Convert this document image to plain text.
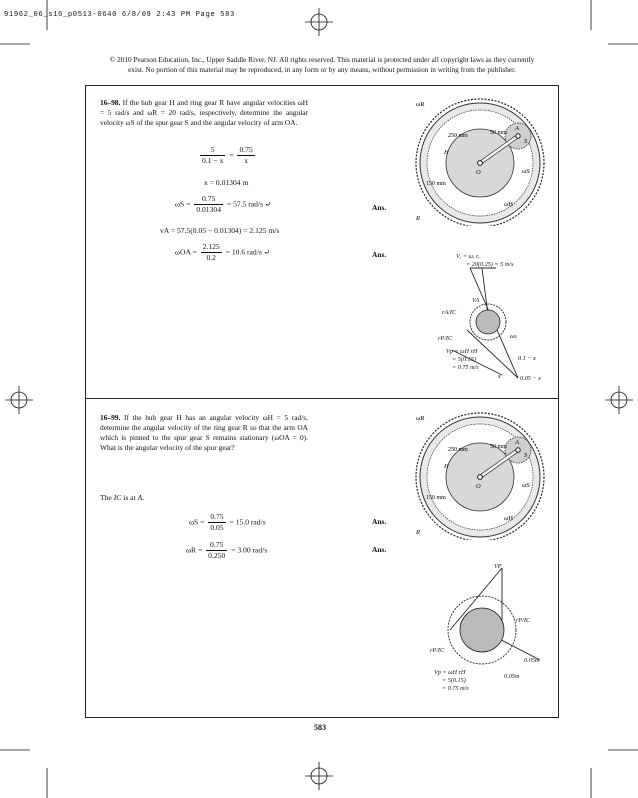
91962_06_s16_p0513-0640 6/8/09 2:43 PM Page 583
© 2010 Pearson Education, Inc., Upper Saddle River, NJ. All rights reserved. This material is protected under all copyright laws as they currently
exist. No portion of this material may be reproduced, in any form or by any means, without permission in writing from the publisher.
16–98. If the hub gear H and ring gear R have angular velocities ωH = 5 rad/s and ωR = 20 rad/s, respectively, determine the angular velocity ωS of the spur gear S and the angular velocity of arm OA.
$\frac{5}{0.1 - x} = \frac{0.75}{x}$
x = 0.01304 m
$\omega S = \frac{0.75}{0.01304} = 57.5$ rad/s ⤾	Ans.
vA = 57.5(0.05 − 0.01304) = 2.125 m/s
$\omega OA = \frac{2.125}{0.2} = 10.6$ rad/s ⤾	Ans.
16–99. If the hub gear H has an angular velocity ωH = 5 rad/s, determine the angular velocity of the ring gear R so that the arm OA which is pinned to the spur gear S remains stationary (ωOA = 0). What is the angular velocity of the spur gear?
The IC is at A.
$\omega S = \frac{0.75}{0.05} = 15.0$ rad/s	Ans.
$\omega R = \frac{0.75}{0.250} = 3.00$ rad/s	Ans.
ωR
250 mm	50 mm
150 mm
H
A
S
O	ωS
ωH
R
Vᵣ = ωᵣ rᵣ
= 20(0.25) = 5 m/s
VA
rA/IC
rP/IC	ωs
Vp = ωH rH
= 5(0.15)
= 0.75 m/s
0.1 − x
0.05 − x
x
ωR
250 mm	50 mm
150 mm
H
A
S
O	ωS
ωH
R
VP
rP/IC
rP/IC
0.05m
0.05m
Vp = ωH rH
= 5(0.15)
= 0.75 m/s
583
